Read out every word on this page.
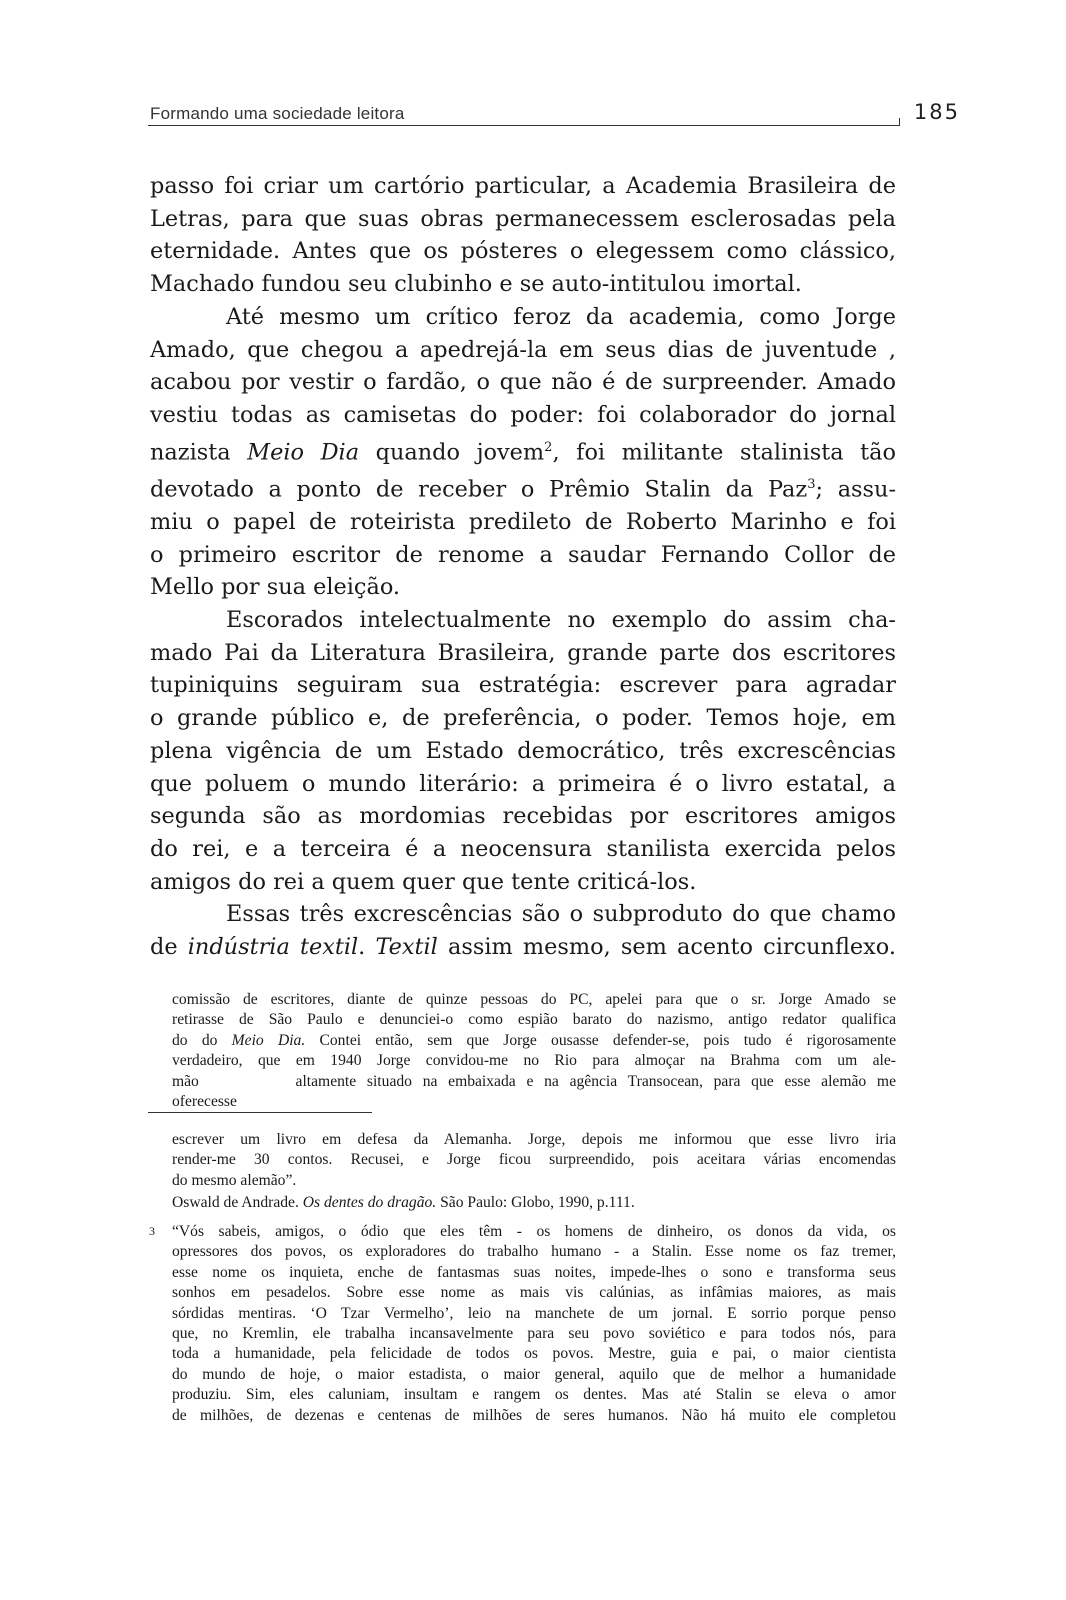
Formando uma sociedade leitora	185

passo foi criar um cartório particular, a Academia Brasileira de
Letras, para que suas obras permanecessem esclerosadas pela
eternidade. Antes que os pósteres o elegessem como clássico,
Machado fundou seu clubinho e se auto-intitulou imortal.

Até mesmo um crítico feroz da academia, como Jorge
Amado, que chegou a apedrejá-la em seus dias de juventude ,
acabou por vestir o fardão, o que não é de surpreender. Amado
vestiu todas as camisetas do poder: foi colaborador do jornal
nazista Meio Dia quando jovem$^2$, foi militante stalinista tão
devotado a ponto de receber o Prêmio Stalin da Paz$^3$; assu-
miu o papel de roteirista predileto de Roberto Marinho e foi
o primeiro escritor de renome a saudar Fernando Collor de
Mello por sua eleição.

Escorados intelectualmente no exemplo do assim cha-
mado Pai da Literatura Brasileira, grande parte dos escritores
tupiniquins seguiram sua estratégia: escrever para agradar
o grande público e, de preferência, o poder. Temos hoje, em
plena vigência de um Estado democrático, três excrescências
que poluem o mundo literário: a primeira é o livro estatal, a
segunda são as mordomias recebidas por escritores amigos
do rei, e a terceira é a neocensura stanilista exercida pelos
amigos do rei a quem quer que tente criticá-los.

Essas três excrescências são o subproduto do que chamo
de indústria textil. Textil assim mesmo, sem acento circunflexo.

comissão de escritores, diante de quinze pessoas do PC, apelei para que o sr. Jorge Amado se
retirasse de São Paulo e denunciei-o como espião barato do nazismo, antigo redator qualifica
do do Meio Dia. Contei então, sem que Jorge ousasse defender-se, pois tudo é rigorosamente
verdadeiro, que em 1940 Jorge convidou-me no Rio para almoçar na Brahma com um ale-
mão         altamente situado na embaixada e na agência Transocean, para que esse alemão me
oferecesse
escrever um livro em defesa da Alemanha. Jorge, depois me informou que esse livro iria
render-me 30 contos. Recusei, e Jorge ficou surpreendido, pois aceitara várias encomendas
do mesmo alemão”.
Oswald de Andrade. Os dentes do dragão. São Paulo: Globo, 1990, p.111.
3 “Vós sabeis, amigos, o ódio que eles têm - os homens de dinheiro, os donos da vida, os
opressores dos povos, os exploradores do trabalho humano - a Stalin. Esse nome os faz tremer,
esse nome os inquieta, enche de fantasmas suas noites, impede-lhes o sono e transforma seus
sonhos em pesadelos. Sobre esse nome as mais vis calúnias, as infâmias maiores, as mais
sórdidas mentiras. ‘O Tzar Vermelho’, leio na manchete de um jornal. E sorrio porque penso
que, no Kremlin, ele trabalha incansavelmente para seu povo soviético e para todos nós, para
toda a humanidade, pela felicidade de todos os povos. Mestre, guia e pai, o maior cientista
do mundo de hoje, o maior estadista, o maior general, aquilo que de melhor a humanidade
produziu. Sim, eles caluniam, insultam e rangem os dentes. Mas até Stalin se eleva o amor
de milhões, de dezenas e centenas de milhões de seres humanos. Não há muito ele completou
